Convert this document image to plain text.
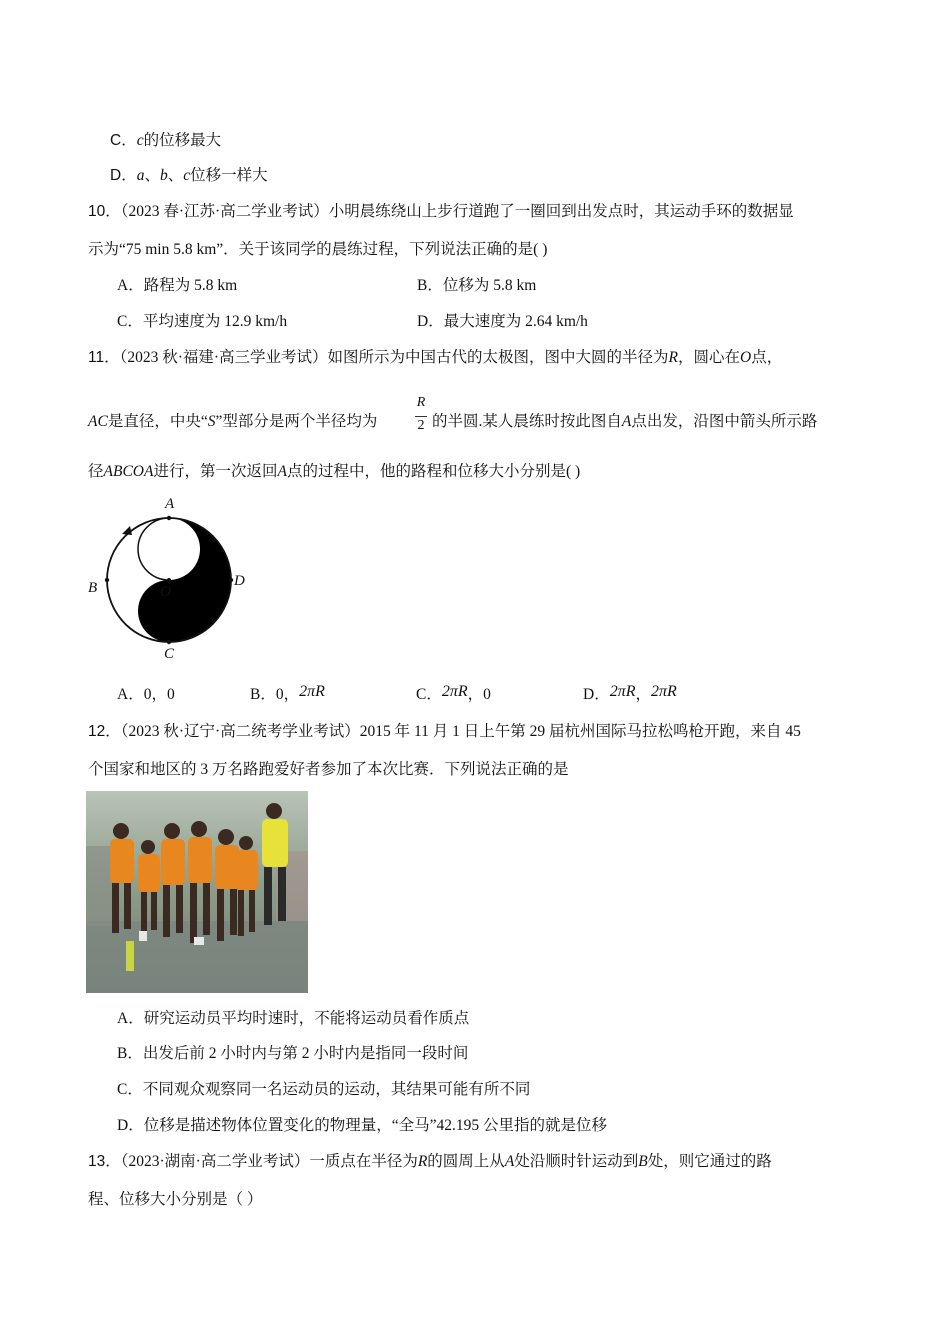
C．c的位移最大
D．a、b、c位移一样大
10．（2023 春·江苏·高二学业考试）小明晨练绕山上步行道跑了一圈回到出发点时，其运动手环的数据显
示为“75 min 5.8 km”．关于该同学的晨练过程，下列说法正确的是( )
A．路程为 5.8 km	B．位移为 5.8 km
C．平均速度为 12.9 km/h	D．最大速度为 2.64 km/h
11．（2023 秋·福建·高三学业考试）如图所示为中国古代的太极图，图中大圆的半径为R，圆心在O点，
R
2
AC是直径，中央“S”型部分是两个半径均为	的半圆.某人晨练时按此图自A点出发，沿图中箭头所示路
径ABCOA进行，第一次返回A点的过程中，他的路程和位移大小分别是( )
A
B
C
D
O
A．0，0	B．0，2πR	C．2πR，0	D．2πR，2πR
12．（2023 秋·辽宁·高二统考学业考试）2015 年 11 月 1 日上午第 29 届杭州国际马拉松鸣枪开跑，来自 45
个国家和地区的 3 万名路跑爱好者参加了本次比赛．下列说法正确的是
A．研究运动员平均时速时，不能将运动员看作质点
B．出发后前 2 小时内与第 2 小时内是指同一段时间
C．不同观众观察同一名运动员的运动，其结果可能有所不同
D．位移是描述物体位置变化的物理量，“全马”42.195 公里指的就是位移
13．（2023·湖南·高二学业考试）一质点在半径为R的圆周上从A处沿顺时针运动到B处，则它通过的路
程、位移大小分别是（ ）
